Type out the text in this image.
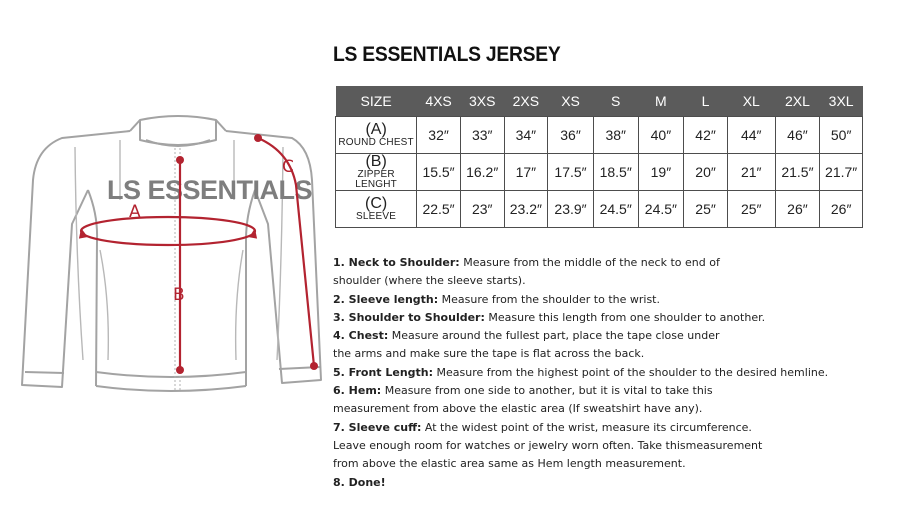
LS ESSENTIALS
A
B
C
LS ESSENTIALS JERSEY
SIZE	4XS	3XS	2XS	XS	S	M	L	XL	2XL	3XL

(A)
ROUND CHEST	32″	33″	34″	36″	38″	40″	42″	44″	46″	50″

(B)
ZIPPER LENGHT	15.5″	16.2″	17″	17.5″	18.5″	19″	20″	21″	21.5″	21.7″

(C)
SLEEVE	22.5″	23″	23.2″	23.9″	24.5″	24.5″	25″	25″	26″	26″
1. Neck to Shoulder: Measure from the middle of the neck to end of
shoulder (where the sleeve starts).
2. Sleeve length: Measure from the shoulder to the wrist.
3. Shoulder to Shoulder: Measure this length from one shoulder to another.
4. Chest: Measure around the fullest part, place the tape close under
the arms and make sure the tape is flat across the back.
5. Front Length: Measure from the highest point of the shoulder to the desired hemline.
6. Hem: Measure from one side to another, but it is vital to take this
measurement from above the elastic area (If sweatshirt have any).
7. Sleeve cuff: At the widest point of the wrist, measure its circumference.
Leave enough room for watches or jewelry worn often. Take thismeasurement
from above the elastic area same as Hem length measurement.
8. Done!
